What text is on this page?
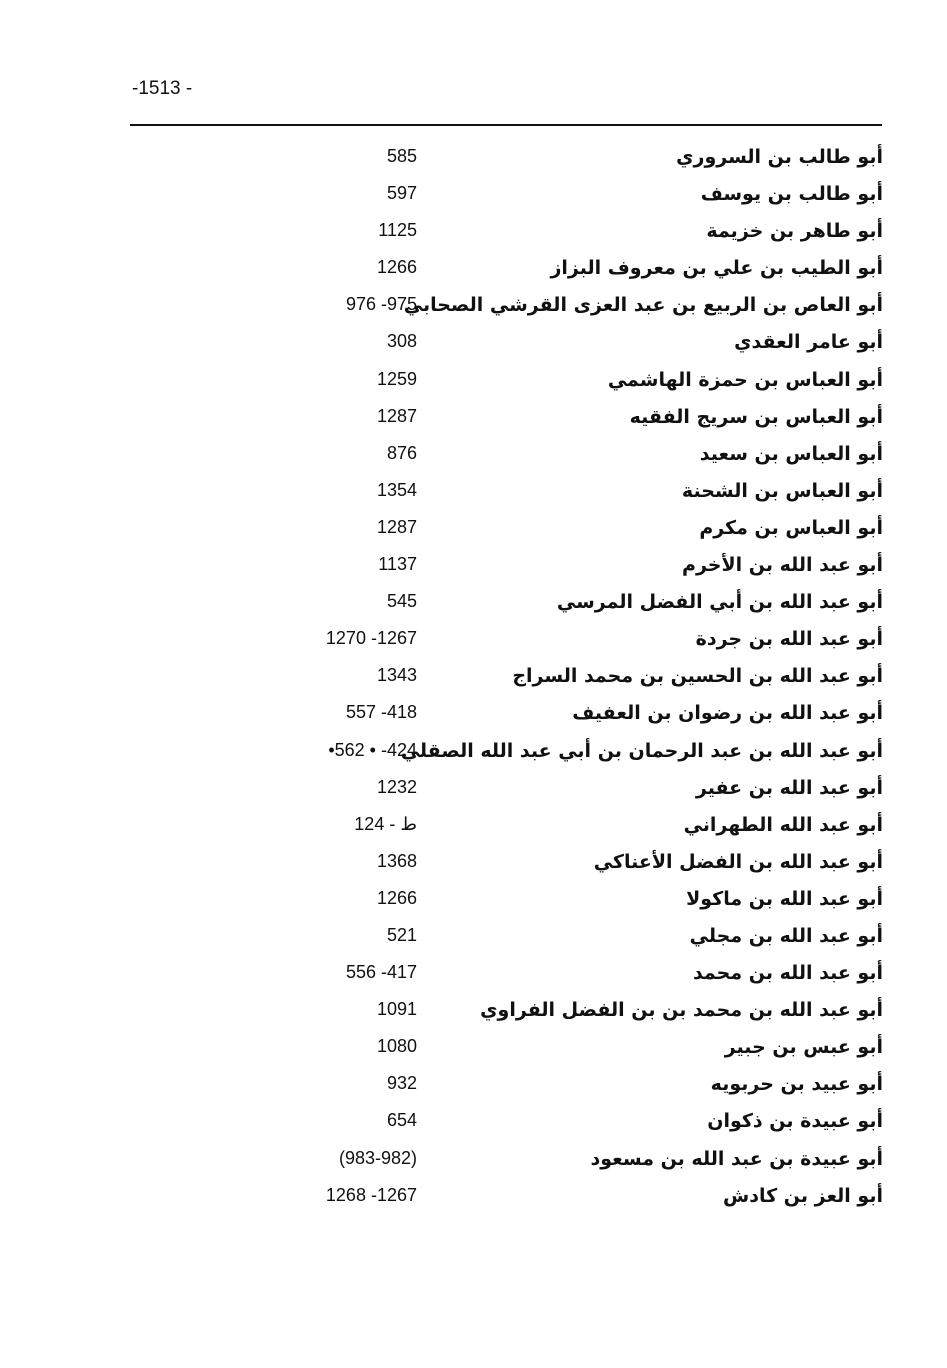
-1513 -
أبو طالب بن السروري
585
أبو طالب بن يوسف
597
أبو طاهر بن خزيمة
1125
أبو الطيب بن علي بن معروف البزاز
1266
أبو العاص بن الربيع بن عبد العزى القرشي الصحابي
976 -975
أبو عامر العقدي
308
أبو العباس بن حمزة الهاشمي
1259
أبو العباس بن سريج الفقيه
1287
أبو العباس بن سعيد
876
أبو العباس بن الشحنة
1354
أبو العباس بن مكرم
1287
أبو عبد الله بن الأخرم
1137
أبو عبد الله بن أبي الفضل المرسي
545
أبو عبد الله بن جردة
1270 -1267
أبو عبد الله بن الحسين بن محمد السراج
1343
أبو عبد الله بن رضوان بن العفيف
557 -418
أبو عبد الله بن عبد الرحمان بن أبي عبد الله الصقلي
•562 • -424
أبو عبد الله بن عفير
1232
أبو عبد الله الطهراني
ط - 124
أبو عبد الله بن الفضل الأعناكي
1368
أبو عبد الله بن ماكولا
1266
أبو عبد الله بن مجلي
521
أبو عبد الله بن محمد
556 -417
أبو عبد الله بن محمد بن بن الفضل الفراوي
1091
أبو عبس بن جبير
1080
أبو عبيد بن حربويه
932
أبو عبيدة بن ذكوان
654
أبو عبيدة بن عبد الله بن مسعود
(983-982)
أبو العز بن كادش
1268 -1267
